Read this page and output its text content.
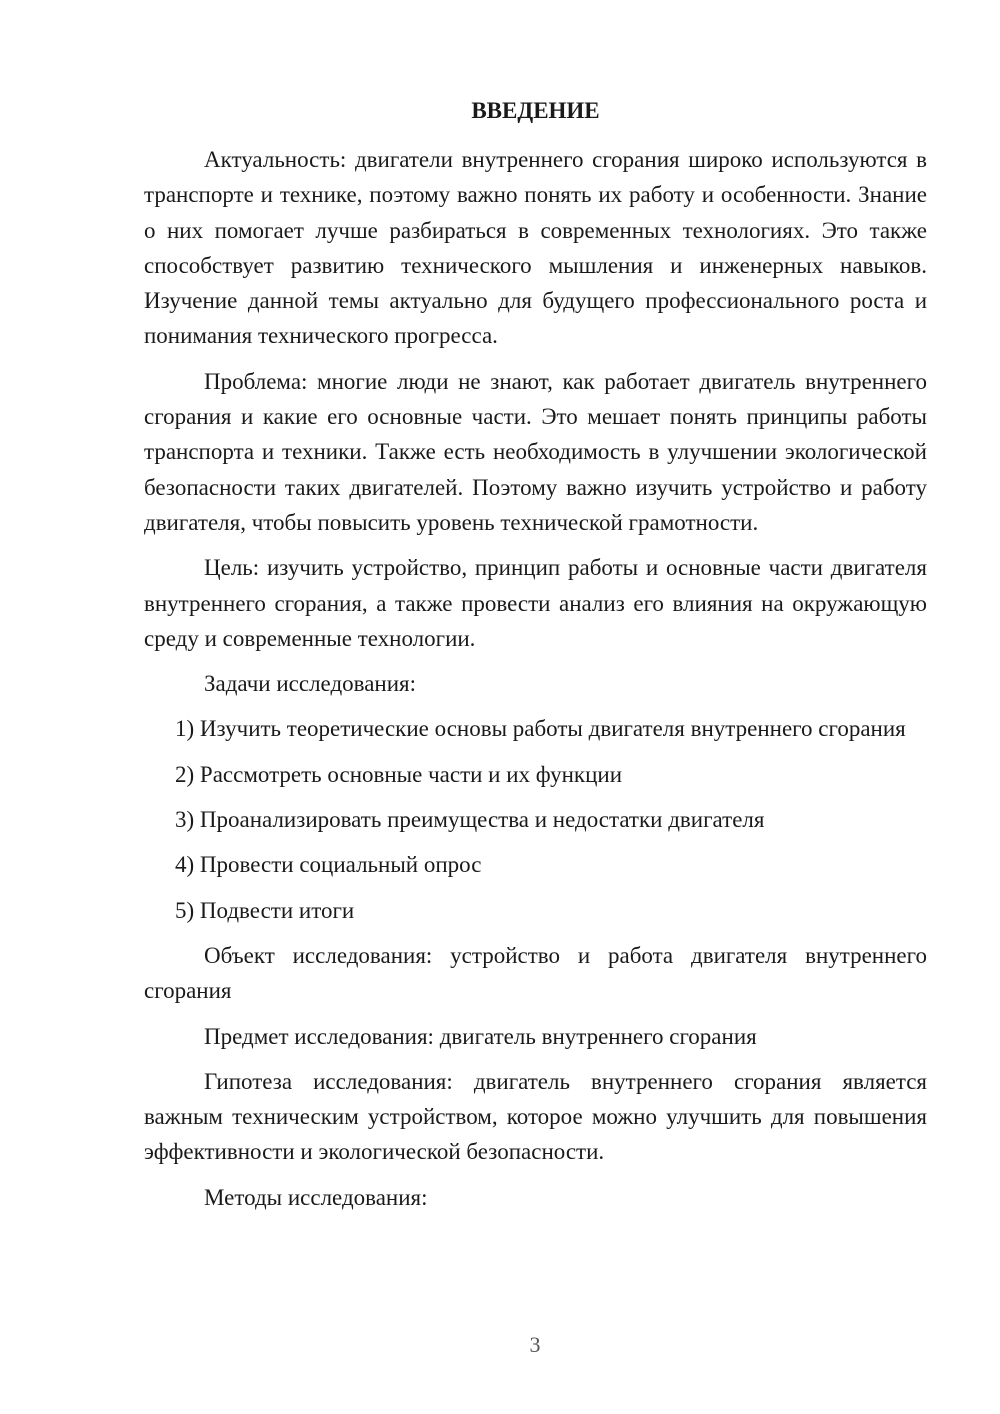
ВВЕДЕНИЕ

Актуальность: двигатели внутреннего сгорания широко используются в транспорте и технике, поэтому важно понять их работу и особенности. Знание о них помогает лучше разбираться в современных технологиях. Это также способствует развитию технического мышления и инженерных навыков. Изучение данной темы актуально для будущего профессионального роста и понимания технического прогресса.

Проблема: многие люди не знают, как работает двигатель внутреннего сгорания и какие его основные части. Это мешает понять принципы работы транспорта и техники. Также есть необходимость в улучшении экологической безопасности таких двигателей. Поэтому важно изучить устройство и работу двигателя, чтобы повысить уровень технической грамотности.

Цель: изучить устройство, принцип работы и основные части двигателя внутреннего сгорания, а также провести анализ его влияния на окружающую среду и современные технологии.

Задачи исследования:

1) Изучить теоретические основы работы двигателя внутреннего сгорания

2) Рассмотреть основные части и их функции

3) Проанализировать преимущества и недостатки двигателя

4) Провести социальный опрос

5) Подвести итоги

Объект исследования: устройство и работа двигателя внутреннего сгорания

Предмет исследования: двигатель внутреннего сгорания

Гипотеза исследования: двигатель внутреннего сгорания является важным техническим устройством, которое можно улучшить для повышения эффективности и экологической безопасности.

Методы исследования:

3
